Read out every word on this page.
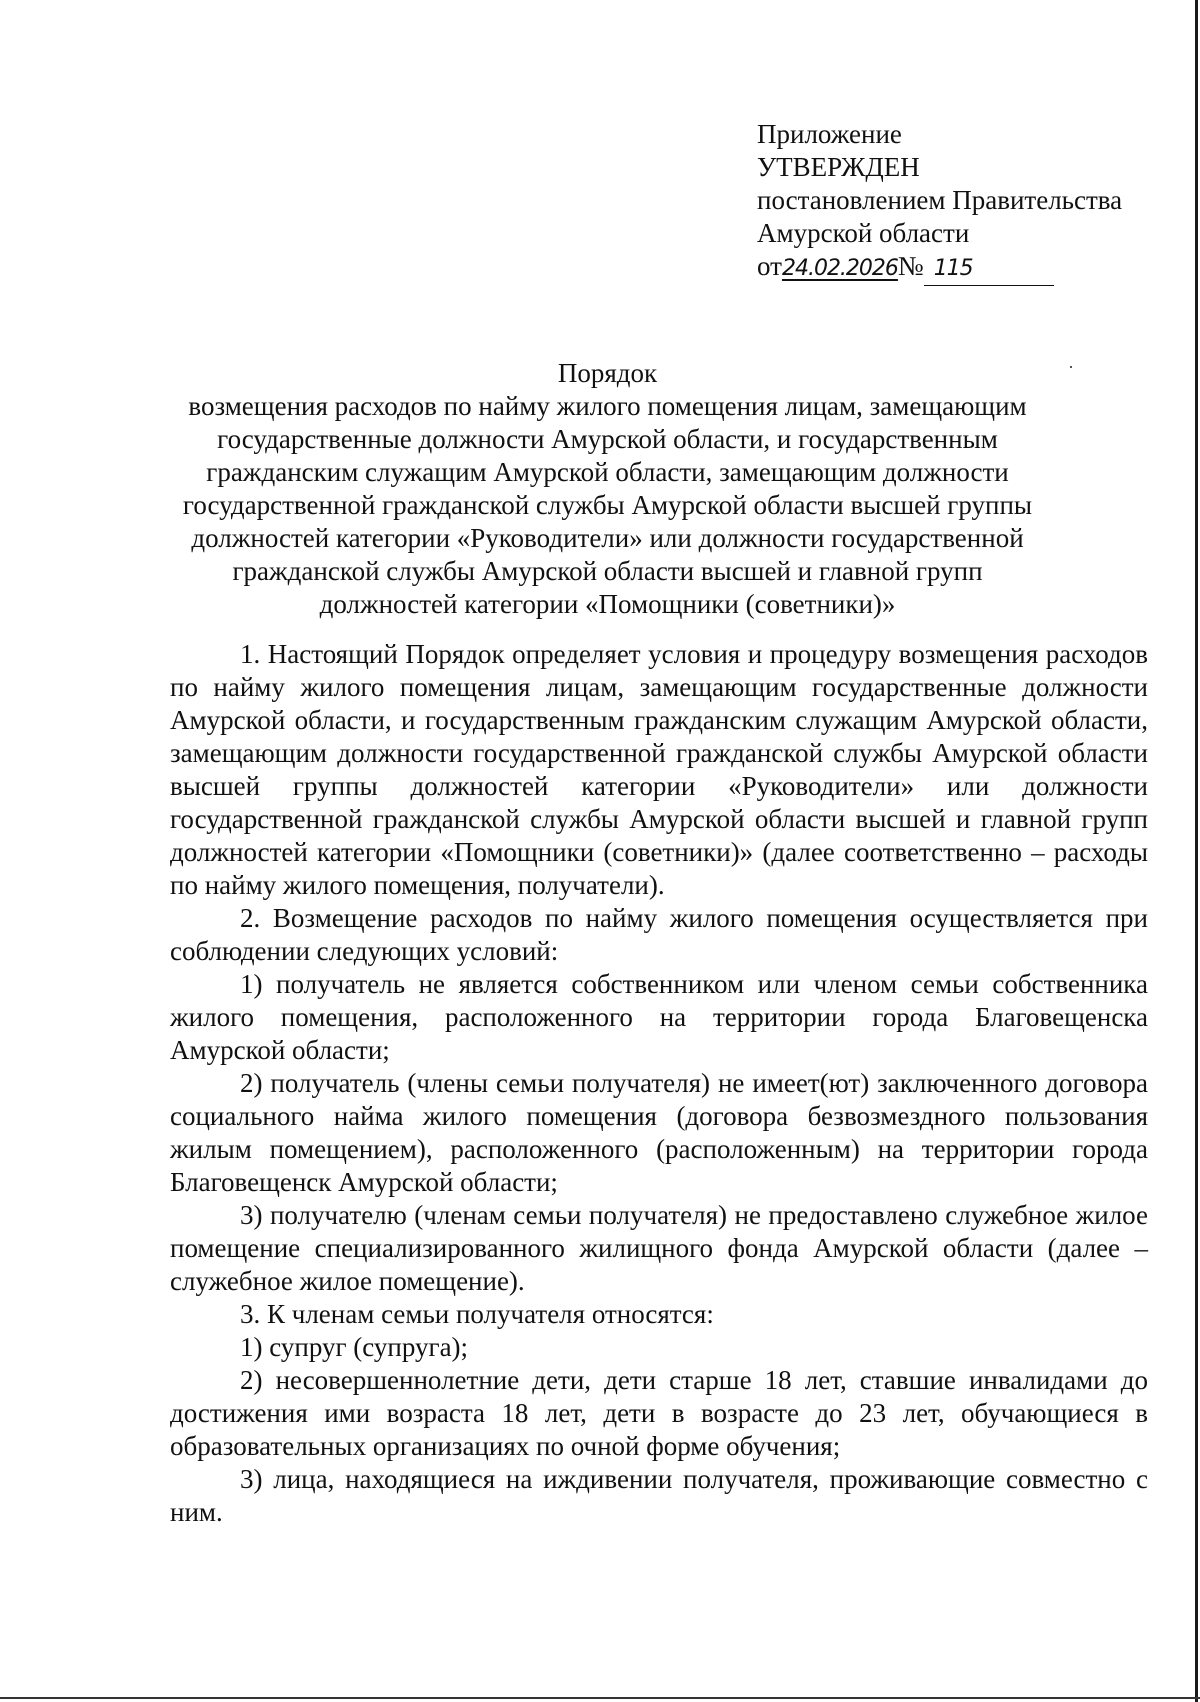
Приложение
УТВЕРЖДЕН
постановлением Правительства
Амурской области
от24.02.2026№ 115
Порядок
возмещения расходов по найму жилого помещения лицам, замещающим государственные должности Амурской области, и государственным гражданским служащим Амурской области, замещающим должности государственной гражданской службы Амурской области высшей группы должностей категории «Руководители» или должности государственной гражданской службы Амурской области высшей и главной групп должностей категории «Помощники (советники)»

1. Настоящий Порядок определяет условия и процедуру возмещения расходов по найму жилого помещения лицам, замещающим государственные должности Амурской области, и государственным гражданским служащим Амурской области, замещающим должности государственной гражданской службы Амурской области высшей группы должностей категории «Руководители» или должности государственной гражданской службы Амурской области высшей и главной групп должностей категории «Помощники (советники)» (далее соответственно – расходы по найму жилого помещения, получатели).

2. Возмещение расходов по найму жилого помещения осуществляется при соблюдении следующих условий:

1) получатель не является собственником или членом семьи собственника жилого помещения, расположенного на территории города Благовещенска Амурской области;

2) получатель (члены семьи получателя) не имеет(ют) заключенного договора социального найма жилого помещения (договора безвозмездного пользования жилым помещением), расположенного (расположенным) на территории города Благовещенск Амурской области;

3) получателю (членам семьи получателя) не предоставлено служебное жилое помещение специализированного жилищного фонда Амурской области (далее – служебное жилое помещение).

3. К членам семьи получателя относятся:

1) супруг (супруга);

2) несовершеннолетние дети, дети старше 18 лет, ставшие инвалидами до достижения ими возраста 18 лет, дети в возрасте до 23 лет, обучающиеся в образовательных организациях по очной форме обучения;

3) лица, находящиеся на иждивении получателя, проживающие совместно с ним.
